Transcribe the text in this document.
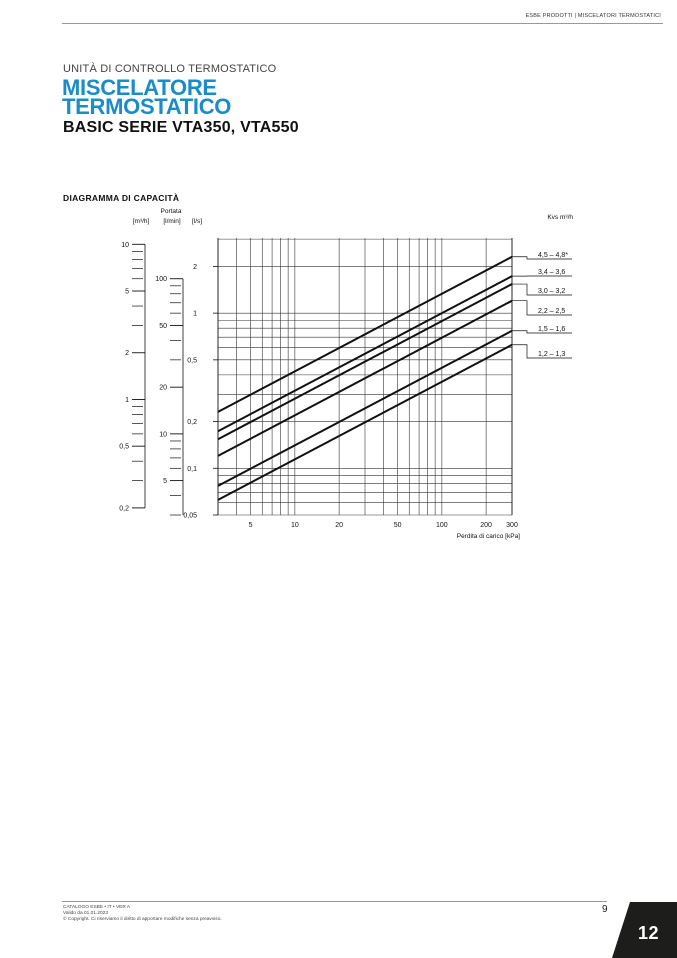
ESBE PRODOTTI | MISCELATORI TERMOSTATICI
UNITÀ DI CONTROLLO TERMOSTATICO
MISCELATORE
TERMOSTATICO
BASIC SERIE VTA350, VTA550
DIAGRAMMA DI CAPACITÀ
5	10	20	50	100	200 300
[m³/h]
10
5
2
1
0,5
0,2
[l/min]
100
50
20
10
5
[l/s]
2
1
0,5
0,2
0,1
0,05
4,5 – 4,8*
3,4 – 3,6
3,0 – 3,2
2,2 – 2,5
1,5 – 1,6
1,2 – 1,3
Portata
Perdita di carico [kPa]
Kvs m³/h
CATALOGO ESBE • IT • VER A
Valido da 01.01.2023
© Copyright. Ci riserviamo il diritto di apportare modifiche senza preavviso.
9
12
